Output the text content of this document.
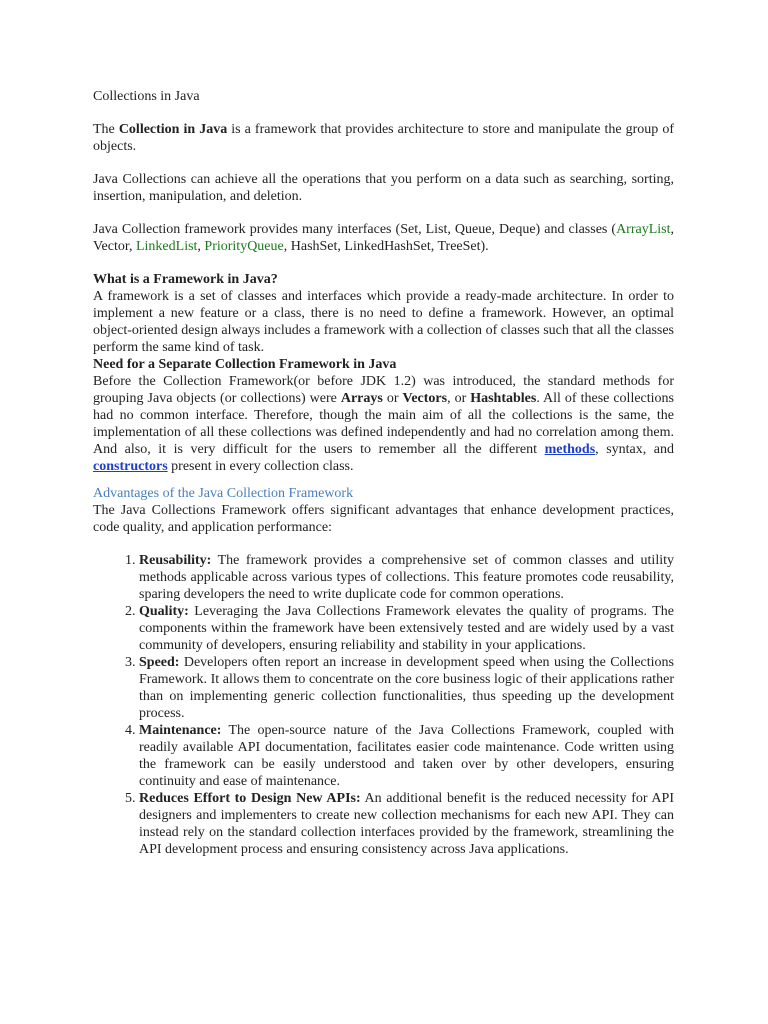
Collections in Java

The Collection in Java is a framework that provides architecture to store and manipulate the group of objects.

Java Collections can achieve all the operations that you perform on a data such as searching, sorting, insertion, manipulation, and deletion.

Java Collection framework provides many interfaces (Set, List, Queue, Deque) and classes (ArrayList, Vector, LinkedList, PriorityQueue, HashSet, LinkedHashSet, TreeSet).

What is a Framework in Java?

A framework is a set of classes and interfaces which provide a ready-made architecture. In order to implement a new feature or a class, there is no need to define a framework. However, an optimal object-oriented design always includes a framework with a collection of classes such that all the classes perform the same kind of task.

Need for a Separate Collection Framework in Java

Before the Collection Framework(or before JDK 1.2) was introduced, the standard methods for grouping Java objects (or collections) were Arrays or Vectors, or Hashtables. All of these collections had no common interface. Therefore, though the main aim of all the collections is the same, the implementation of all these collections was defined independently and had no correlation among them. And also, it is very difficult for the users to remember all the different methods, syntax, and constructors present in every collection class.

Advantages of the Java Collection Framework

The Java Collections Framework offers significant advantages that enhance development practices, code quality, and application performance:

1. Reusability: The framework provides a comprehensive set of common classes and utility methods applicable across various types of collections. This feature promotes code reusability, sparing developers the need to write duplicate code for common operations.
2. Quality: Leveraging the Java Collections Framework elevates the quality of programs. The components within the framework have been extensively tested and are widely used by a vast community of developers, ensuring reliability and stability in your applications.
3. Speed: Developers often report an increase in development speed when using the Collections Framework. It allows them to concentrate on the core business logic of their applications rather than on implementing generic collection functionalities, thus speeding up the development process.
4. Maintenance: The open-source nature of the Java Collections Framework, coupled with readily available API documentation, facilitates easier code maintenance. Code written using the framework can be easily understood and taken over by other developers, ensuring continuity and ease of maintenance.
5. Reduces Effort to Design New APIs: An additional benefit is the reduced necessity for API designers and implementers to create new collection mechanisms for each new API. They can instead rely on the standard collection interfaces provided by the framework, streamlining the API development process and ensuring consistency across Java applications.
